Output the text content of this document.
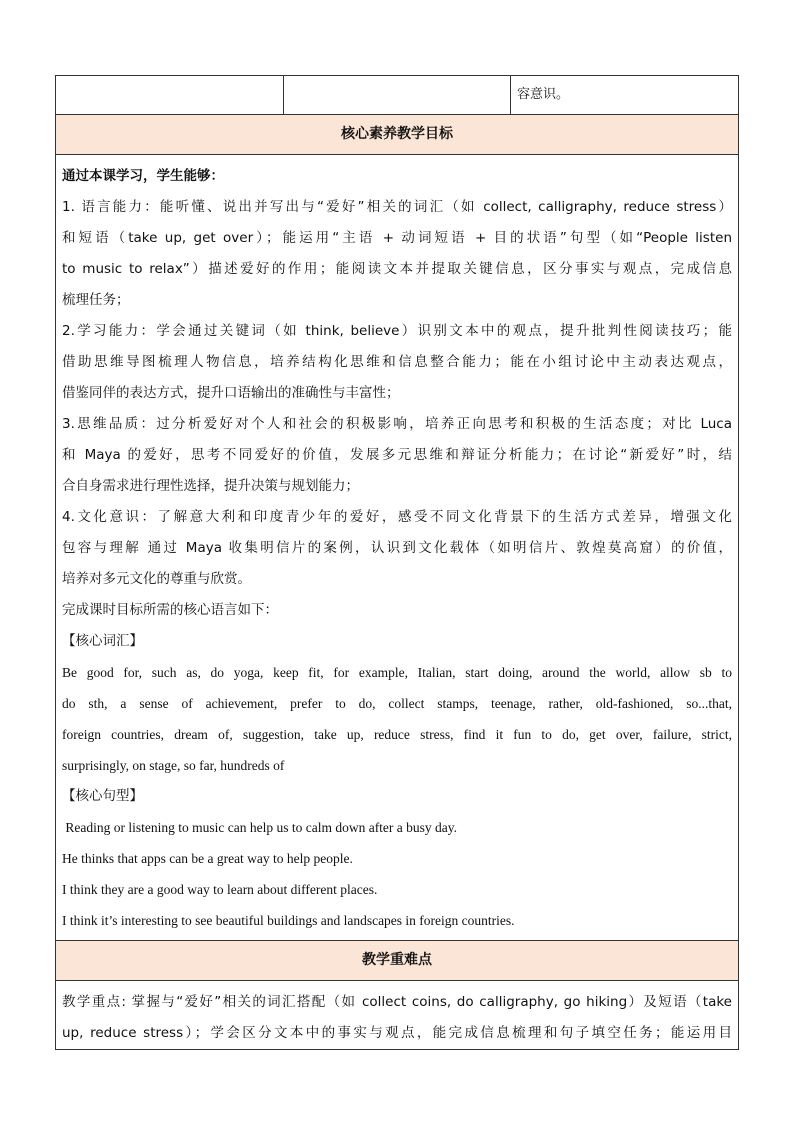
		容意识。
核心素养教学目标

通过本课学习，学生能够：
1. 语言能力：能听懂、说出并写出与“爱好”相关的词汇（如 collect, calligraphy, reduce stress）
和短语（take up, get over）；能运用“主语 + 动词短语 + 目的状语”句型（如“People listen
to music to relax”）描述爱好的作用；能阅读文本并提取关键信息，区分事实与观点，完成信息
梳理任务；
2.学习能力：学会通过关键词（如 think, believe）识别文本中的观点，提升批判性阅读技巧；能
借助思维导图梳理人物信息，培养结构化思维和信息整合能力；能在小组讨论中主动表达观点，
借鉴同伴的表达方式，提升口语输出的准确性与丰富性；
3.思维品质：过分析爱好对个人和社会的积极影响，培养正向思考和积极的生活态度；对比 Luca
和 Maya 的爱好，思考不同爱好的价值，发展多元思维和辩证分析能力；在讨论“新爱好”时，结
合自身需求进行理性选择，提升决策与规划能力；
4.文化意识：了解意大利和印度青少年的爱好，感受不同文化背景下的生活方式差异，增强文化
包容与理解 通过 Maya 收集明信片的案例，认识到文化载体（如明信片、敦煌莫高窟）的价值，
培养对多元文化的尊重与欣赏。
完成课时目标所需的核心语言如下：
【核心词汇】
Be good for, such as, do yoga, keep fit, for example, Italian, start doing, around the world, allow sb to
do sth, a sense of achievement, prefer to do, collect stamps, teenage, rather, old-fashioned, so...that,
foreign countries, dream of, suggestion, take up, reduce stress, find it fun to do, get over, failure, strict,
surprisingly, on stage, so far, hundreds of
【核心句型】
Reading or listening to music can help us to calm down after a busy day.
He thinks that apps can be a great way to help people.
I think they are a good way to learn about different places.
I think it’s interesting to see beautiful buildings and landscapes in foreign countries.

教学重难点

教学重点: 掌握与“爱好”相关的词汇搭配（如 collect coins, do calligraphy, go hiking）及短语（take
up, reduce stress）；学会区分文本中的事实与观点，能完成信息梳理和句子填空任务；能运用目
